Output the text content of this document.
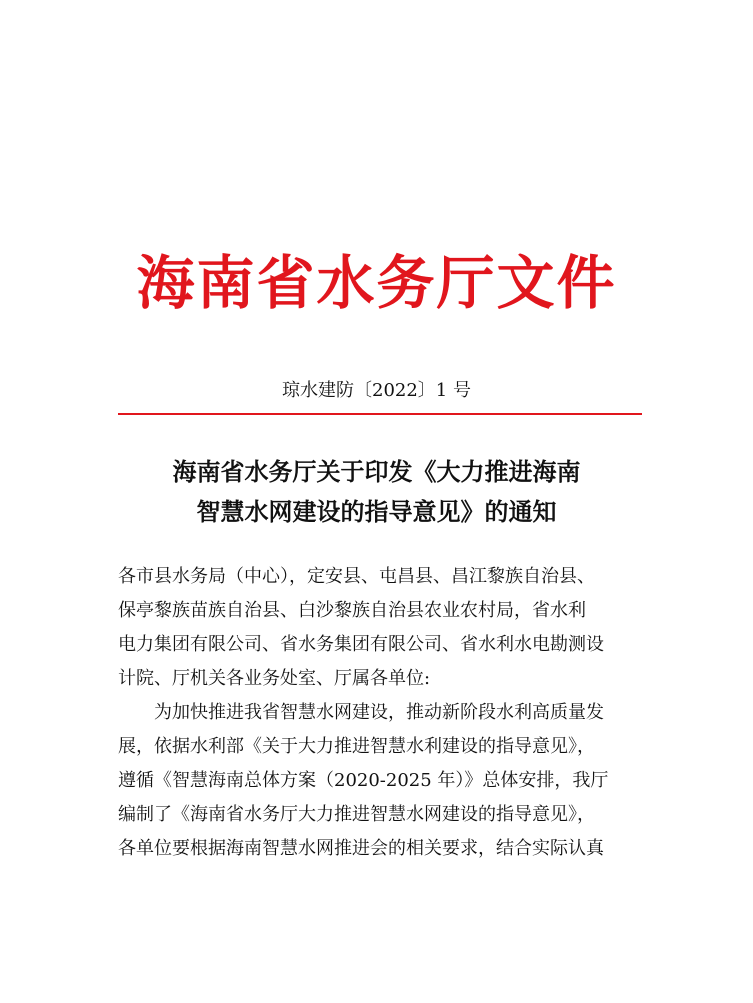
海南省水务厅文件
琼水建防〔2022〕1 号
海南省水务厅关于印发《大力推进海南
智慧水网建设的指导意见》的通知
各市县水务局（中心），定安县、屯昌县、昌江黎族自治县、
保亭黎族苗族自治县、白沙黎族自治县农业农村局，省水利
电力集团有限公司、省水务集团有限公司、省水利水电勘测设
计院、厅机关各业务处室、厅属各单位:
为加快推进我省智慧水网建设，推动新阶段水利高质量发
展，依据水利部《关于大力推进智慧水利建设的指导意见》，
遵循《智慧海南总体方案（2020-2025 年）》总体安排，我厅
编制了《海南省水务厅大力推进智慧水网建设的指导意见》，
各单位要根据海南智慧水网推进会的相关要求，结合实际认真
